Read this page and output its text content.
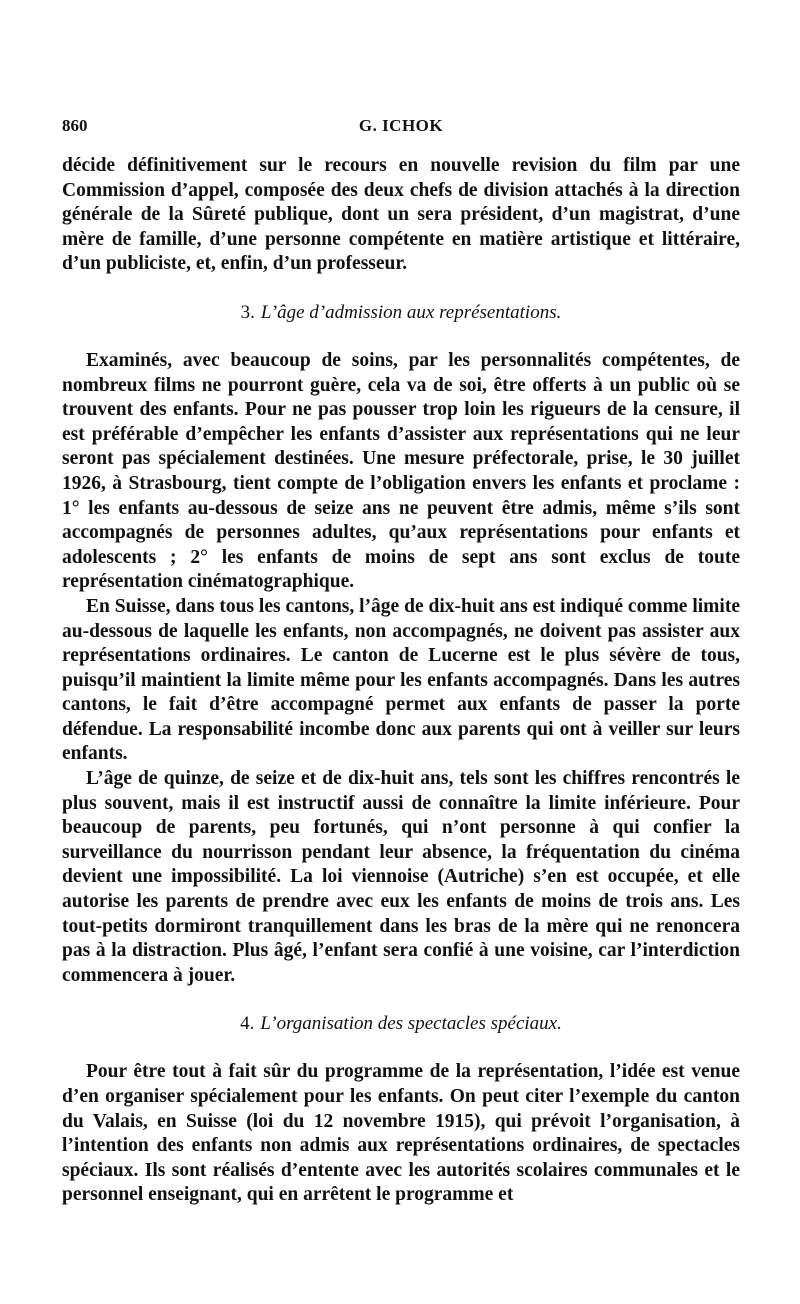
860	G. ICHOK

décide définitivement sur le recours en nouvelle revision du film par une Commission d’appel, composée des deux chefs de division attachés à la direction générale de la Sûreté publique, dont un sera président, d’un magistrat, d’une mère de famille, d’une personne compétente en matière artistique et littéraire, d’un publiciste, et, enfin, d’un professeur.

3. L’âge d’admission aux représentations.

Examinés, avec beaucoup de soins, par les personnalités compétentes, de nombreux films ne pourront guère, cela va de soi, être offerts à un public où se trouvent des enfants. Pour ne pas pousser trop loin les rigueurs de la censure, il est préférable d’empêcher les enfants d’assister aux représentations qui ne leur seront pas spécialement destinées. Une mesure préfectorale, prise, le 30 juillet 1926, à Strasbourg, tient compte de l’obligation envers les enfants et proclame : 1° les enfants au-dessous de seize ans ne peuvent être admis, même s’ils sont accompagnés de personnes adultes, qu’aux représentations pour enfants et adolescents ; 2° les enfants de moins de sept ans sont exclus de toute représentation cinématographique.

En Suisse, dans tous les cantons, l’âge de dix-huit ans est indiqué comme limite au-dessous de laquelle les enfants, non accompagnés, ne doivent pas assister aux représentations ordinaires. Le canton de Lucerne est le plus sévère de tous, puisqu’il maintient la limite même pour les enfants accompagnés. Dans les autres cantons, le fait d’être accompagné permet aux enfants de passer la porte défendue. La responsabilité incombe donc aux parents qui ont à veiller sur leurs enfants.

L’âge de quinze, de seize et de dix-huit ans, tels sont les chiffres rencontrés le plus souvent, mais il est instructif aussi de connaître la limite inférieure. Pour beaucoup de parents, peu fortunés, qui n’ont personne à qui confier la surveillance du nourrisson pendant leur absence, la fréquentation du cinéma devient une impossibilité. La loi viennoise (Autriche) s’en est occupée, et elle autorise les parents de prendre avec eux les enfants de moins de trois ans. Les tout-petits dormiront tranquillement dans les bras de la mère qui ne renoncera pas à la distraction. Plus âgé, l’enfant sera confié à une voisine, car l’interdiction commencera à jouer.

4. L’organisation des spectacles spéciaux.

Pour être tout à fait sûr du programme de la représentation, l’idée est venue d’en organiser spécialement pour les enfants. On peut citer l’exemple du canton du Valais, en Suisse (loi du 12 novembre 1915), qui prévoit l’organisation, à l’intention des enfants non admis aux représentations ordinaires, de spectacles spéciaux. Ils sont réalisés d’entente avec les autorités scolaires communales et le personnel enseignant, qui en arrêtent le programme et
